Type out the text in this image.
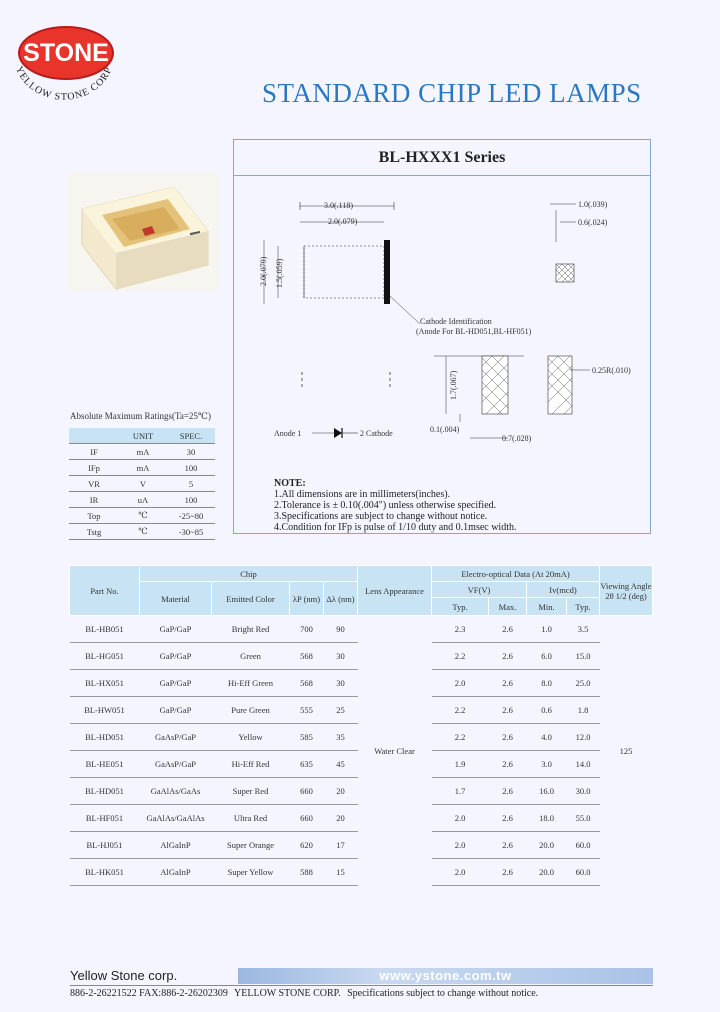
YELLOW STONE CORP
STONE
STANDARD CHIP LED LAMPS
BL-HXXX1 Series
3.0(.118)
2.0(.079)
2.0(.079) 1.5(.059)
Cathode Identification
(Anode For BL-HD051,BL-HF051)
1.0(.039)
0.6(.024)
1.7(.067)
0.25R(.010)
0.1(.004)
0.7(.028)
Anode 1	2 Cathode
NOTE:
1.All dimensions are in millimeters(inches).
2.Tolerance is ± 0.10(.004") unless otherwise specified.
3.Specifications are subject to change without notice.
4.Condition for IFp is pulse of 1/10 duty and 0.1msec width.
Absolute Maximum Ratings(Ta=25℃)
	UNIT	SPEC.
IF	mA	30
IFp	mA	100
VR	V	5
IR	uA	100
Top	℃	-25~80
Tstg	℃	-30~85
Part No.	Chip				Lens Appearance	Electro-optical Data (At 20mA)				Viewing Angle 2θ 1/2 (deg)
	Material	Emitted Color	λP (nm)	Δλ (nm)		VF(V)		Iv(mcd)		
						Typ.	Max.	Min.	Typ.	
BL-HB051	GaP/GaP	Bright Red	700	90	Water Clear	2.3	2.6	1.0	3.5	125
BL-HG051	GaP/GaP	Green	568	30		2.2	2.6	6.0	15.0	
BL-HX051	GaP/GaP	Hi-Eff Green	568	30		2.0	2.6	8.0	25.0	
BL-HW051	GaP/GaP	Pure Green	555	25		2.2	2.6	0.6	1.8	
BL-HD051	GaAsP/GaP	Yellow	585	35		2.2	2.6	4.0	12.0	
BL-HE051	GaAsP/GaP	Hi-Eff Red	635	45		1.9	2.6	3.0	14.0	
BL-HD051	GaAlAs/GaAs	Super Red	660	20		1.7	2.6	16.0	30.0	
BL-HF051	GaAlAs/GaAlAs	Ultra Red	660	20		2.0	2.6	18.0	55.0	
BL-HJ051	AlGaInP	Super Orange	620	17		2.0	2.6	20.0	60.0	
BL-HK051	AlGaInP	Super Yellow	588	15		2.0	2.6	20.0	60.0	
Yellow Stone corp.	www.ystone.com.tw
886-2-26221522 FAX:886-2-26202309 YELLOW STONE CORP. Specifications subject to change without notice.
